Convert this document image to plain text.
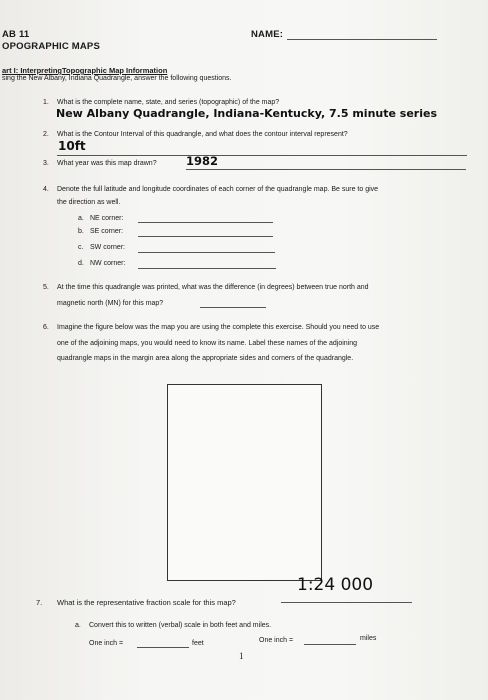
AB 11
OPOGRAPHIC MAPS
NAME:
art I: InterpretingTopographic Map Information
sing the New Albany, Indiana Quadrangle, answer the following questions.
1. What is the complete name, state, and series (topographic) of the map?
New Albany Quadrangle, Indiana-Kentucky, 7.5 minute series
2. What is the Contour Interval of this quadrangle, and what does the contour interval represent?
10ft
3. What year was this map drawn?	1982
4. Denote the full latitude and longitude coordinates of each corner of the quadrangle map. Be sure to give
the direction as well.
a. NE corner:
b. SE corner:
c. SW corner:
d. NW corner:
5. At the time this quadrangle was printed, what was the difference (in degrees) between true north and
magnetic north (MN) for this map?
6. Imagine the figure below was the map you are using the complete this exercise. Should you need to use
one of the adjoining maps, you would need to know its name. Label these names of the adjoining
quadrangle maps in the margin area along the appropriate sides and corners of the quadrangle.
1:24 000
7. What is the representative fraction scale for this map?
a. Convert this to written (verbal) scale in both feet and miles.
One inch =	feet	One inch =	miles
1
